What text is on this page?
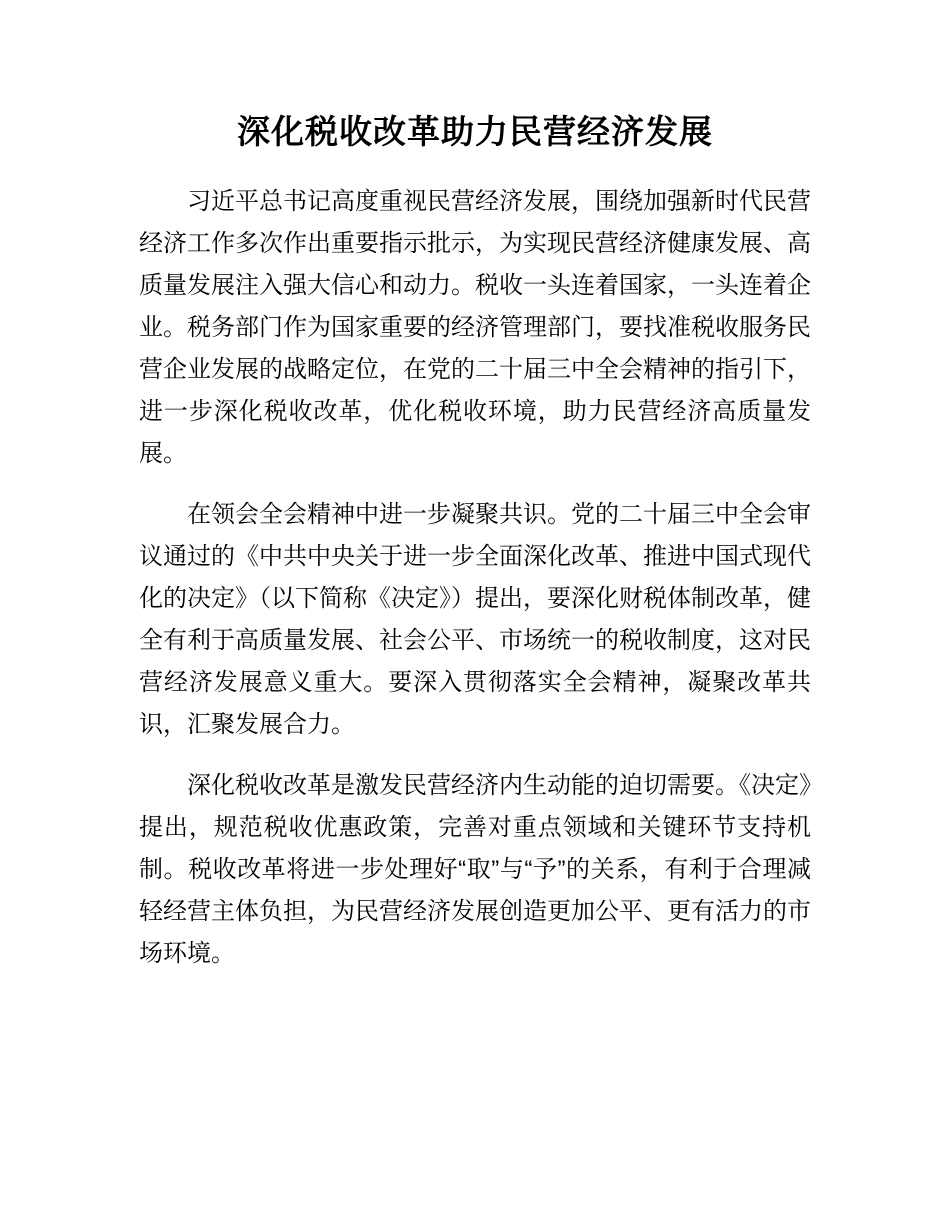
深化税收改革助力民营经济发展

习近平总书记高度重视民营经济发展，围绕加强新时代民营经济工作多次作出重要指示批示，为实现民营经济健康发展、高质量发展注入强大信心和动力。税收一头连着国家，一头连着企业。税务部门作为国家重要的经济管理部门，要找准税收服务民营企业发展的战略定位，在党的二十届三中全会精神的指引下，进一步深化税收改革，优化税收环境，助力民营经济高质量发展。

在领会全会精神中进一步凝聚共识。党的二十届三中全会审议通过的《中共中央关于进一步全面深化改革、推进中国式现代化的决定》（以下简称《决定》）提出，要深化财税体制改革，健全有利于高质量发展、社会公平、市场统一的税收制度，这对民营经济发展意义重大。要深入贯彻落实全会精神，凝聚改革共识，汇聚发展合力。

深化税收改革是激发民营经济内生动能的迫切需要。《决定》提出，规范税收优惠政策，完善对重点领域和关键环节支持机制。税收改革将进一步处理好“取”与“予”的关系，有利于合理减轻经营主体负担，为民营经济发展创造更加公平、更有活力的市场环境。
